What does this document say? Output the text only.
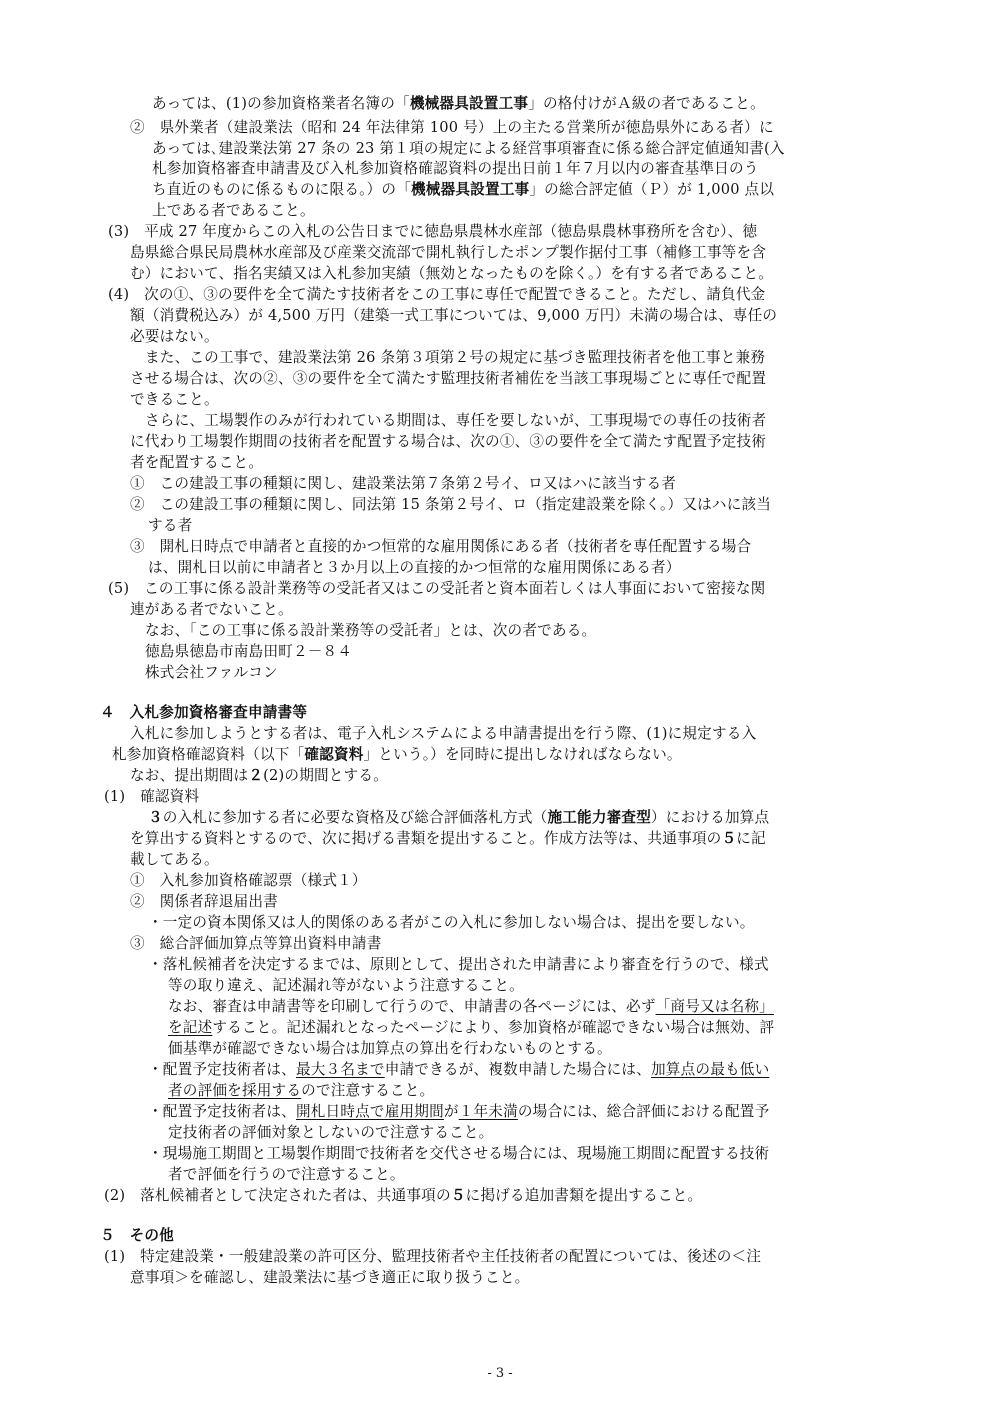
あっては、(1)の参加資格業者名簿の「機械器具設置工事」の格付けがＡ級の者であること。
②　県外業者（建設業法（昭和 24 年法律第 100 号）上の主たる営業所が徳島県外にある者）に
あっては､建設業法第 27 条の 23 第１項の規定による経営事項審査に係る総合評定値通知書(入
札参加資格審査申請書及び入札参加資格確認資料の提出日前１年７月以内の審査基準日のう
ち直近のものに係るものに限る。）の「機械器具設置工事」の総合評定値（Ｐ）が 1,000 点以
上である者であること。
(3)　平成 27 年度からこの入札の公告日までに徳島県農林水産部（徳島県農林事務所を含む）、徳
島県総合県民局農林水産部及び産業交流部で開札執行したポンプ製作据付工事（補修工事等を含
む）において、指名実績又は入札参加実績（無効となったものを除く。）を有する者であること。
(4)　次の①、③の要件を全て満たす技術者をこの工事に専任で配置できること。ただし、請負代金
額（消費税込み）が 4,500 万円（建築一式工事については、9,000 万円）未満の場合は、専任の
必要はない。
また、この工事で、建設業法第 26 条第３項第２号の規定に基づき監理技術者を他工事と兼務
させる場合は、次の②、③の要件を全て満たす監理技術者補佐を当該工事現場ごとに専任で配置
できること。
さらに、工場製作のみが行われている期間は、専任を要しないが、工事現場での専任の技術者
に代わり工場製作期間の技術者を配置する場合は、次の①、③の要件を全て満たす配置予定技術
者を配置すること。
①　この建設工事の種類に関し、建設業法第７条第２号イ、ロ又はハに該当する者
②　この建設工事の種類に関し、同法第 15 条第２号イ、ロ（指定建設業を除く。）又はハに該当
する者
③　開札日時点で申請者と直接的かつ恒常的な雇用関係にある者（技術者を専任配置する場合
は、開札日以前に申請者と３か月以上の直接的かつ恒常的な雇用関係にある者）
(5)　この工事に係る設計業務等の受託者又はこの受託者と資本面若しくは人事面において密接な関
連がある者でないこと。
なお、「この工事に係る設計業務等の受託者」とは、次の者である。
徳島県徳島市南島田町２－８４
株式会社ファルコン
４　入札参加資格審査申請書等
入札に参加しようとする者は、電子入札システムによる申請書提出を行う際、(1)に規定する入
札参加資格確認資料（以下「確認資料」という。）を同時に提出しなければならない。
なお、提出期間は２(2)の期間とする。
(1)　確認資料
３の入札に参加する者に必要な資格及び総合評価落札方式（施工能力審査型）における加算点
を算出する資料とするので、次に掲げる書類を提出すること。作成方法等は、共通事項の５に記
載してある。
①　入札参加資格確認票（様式１）
②　関係者辞退届出書
・一定の資本関係又は人的関係のある者がこの入札に参加しない場合は、提出を要しない。
③　総合評価加算点等算出資料申請書
・落札候補者を決定するまでは、原則として、提出された申請書により審査を行うので、様式
等の取り違え、記述漏れ等がないよう注意すること。
なお、審査は申請書等を印刷して行うので、申請書の各ページには、必ず「商号又は名称」
を記述すること。記述漏れとなったページにより、参加資格が確認できない場合は無効、評
価基準が確認できない場合は加算点の算出を行わないものとする。
・配置予定技術者は、最大３名まで申請できるが、複数申請した場合には、加算点の最も低い
者の評価を採用するので注意すること。
・配置予定技術者は、開札日時点で雇用期間が１年未満の場合には、総合評価における配置予
定技術者の評価対象としないので注意すること。
・現場施工期間と工場製作期間で技術者を交代させる場合には、現場施工期間に配置する技術
者で評価を行うので注意すること。
(2)　落札候補者として決定された者は、共通事項の５に掲げる追加書類を提出すること。
５　その他
(1)　特定建設業・一般建設業の許可区分、監理技術者や主任技術者の配置については、後述の＜注
意事項＞を確認し、建設業法に基づき適正に取り扱うこと。
- 3 -
